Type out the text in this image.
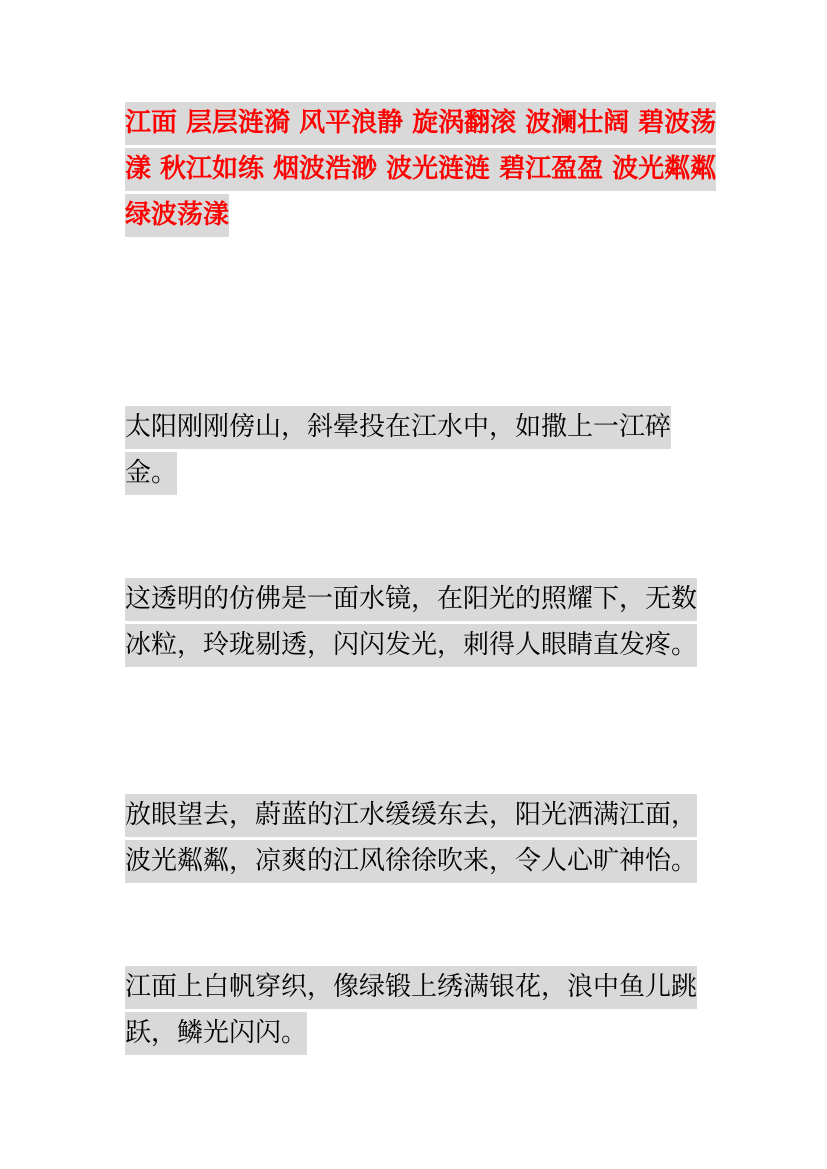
江面 层层涟漪 风平浪静 旋涡翻滚 波澜壮阔 碧波荡漾 秋江如练 烟波浩渺 波光涟涟 碧江盈盈 波光粼粼 绿波荡漾

太阳刚刚傍山，斜晕投在江水中，如撒上一江碎金。

这透明的仿佛是一面水镜，在阳光的照耀下，无数冰粒，玲珑剔透，闪闪发光，刺得人眼睛直发疼。

放眼望去，蔚蓝的江水缓缓东去，阳光洒满江面，波光粼粼，凉爽的江风徐徐吹来，令人心旷神怡。

江面上白帆穿织，像绿锻上绣满银花，浪中鱼儿跳跃，鳞光闪闪。
